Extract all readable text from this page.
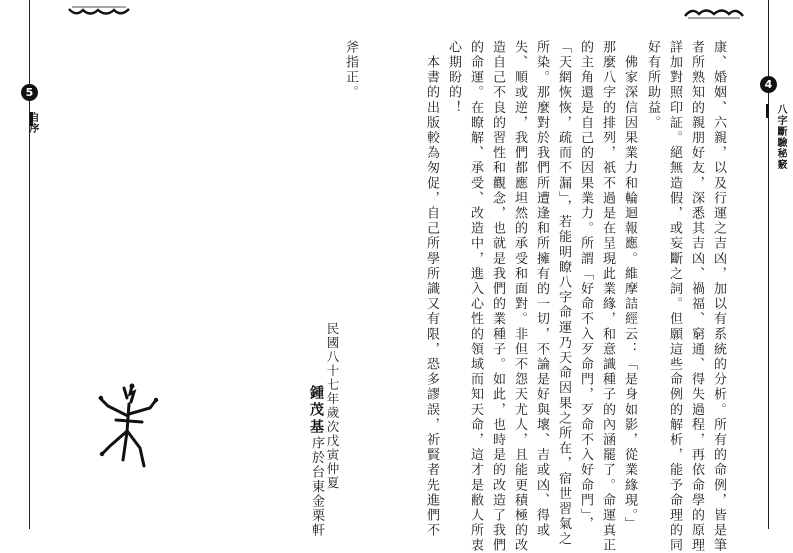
5
4
自序	八字斷驗秘竅
康、婚姻、六親，以及行運之吉凶，加以有系統的分析。所有的命例，皆是筆
者所熟知的親朋好友，深悉其吉凶、禍福、窮通、得失過程，再依命學的原理
詳加對照印証。絕無造假，或妄斷之詞。但願這些命例的解析，能予命理的同
好有所助益。
　佛家深信因果業力和輪迴報應。維摩詰經云：「是身如影，從業緣現。」
那麼八字的排列，祇不過是在呈現此業緣，和意識種子的內涵罷了。命運真正
的主角還是自己的因果業力。所謂「好命不入歹命門，歹命不入好命門」，
「天網恢恢，疏而不漏」，若能明瞭八字命運乃天命因果之所在，宿世習氣之
所染。那麼對於我們所遭逢和所擁有的一切，不論是好與壞、吉或凶、得或
失、順或逆，我們都應坦然的承受和面對。非但不怨天尤人，且能更積極的改
造自己不良的習性和觀念，也就是我們的業種子。如此，也時是的改造了我們
的命運。在瞭解、承受、改造中，進入心性的領域而知天命，這才是敝人所衷
心期盼的！
　本書的出版較為匆促，自己所學所識又有限，恐多謬誤，祈賢者先進們不
斧指正。
民國八十七年歲次戊寅仲夏
鍾茂基序於台東金栗軒
